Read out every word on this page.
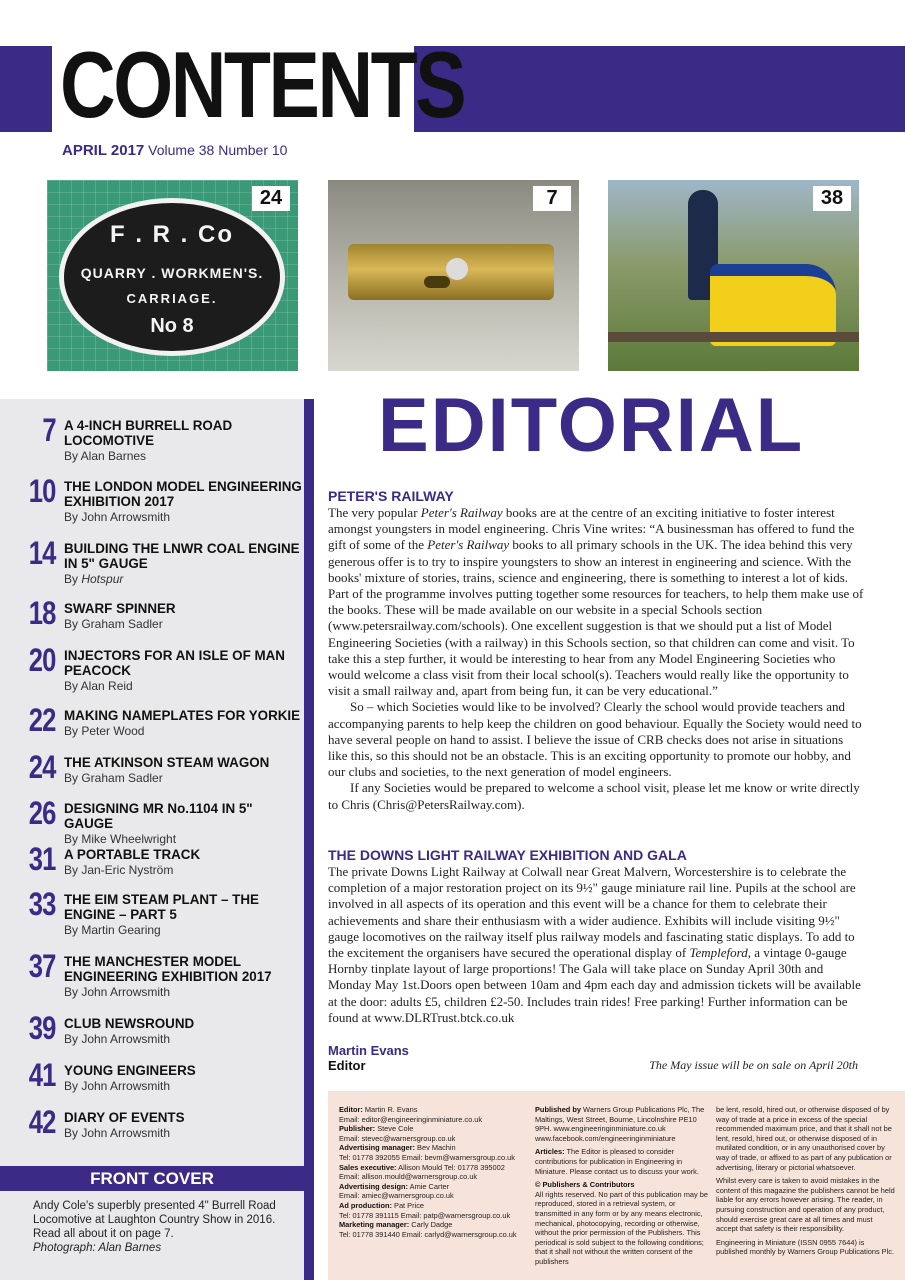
CONTENTS
APRIL 2017 Volume 38 Number 10
F . R . Co
QUARRY . WORKMEN'S.
CARRIAGE.
No 8
24	7	38
7 A 4-INCH BURRELL ROAD LOCOMOTIVE
By Alan Barnes
10 THE LONDON MODEL ENGINEERING EXHIBITION 2017
By John Arrowsmith
14 BUILDING THE LNWR COAL ENGINE IN 5" GAUGE
By Hotspur
18 SWARF SPINNER
By Graham Sadler
20 INJECTORS FOR AN ISLE OF MAN PEACOCK
By Alan Reid
22 MAKING NAMEPLATES FOR YORKIE
By Peter Wood
24 THE ATKINSON STEAM WAGON
By Graham Sadler
26 DESIGNING MR No.1104 IN 5" GAUGE
By Mike Wheelwright
31 A PORTABLE TRACK
By Jan-Eric Nyström
33 THE EIM STEAM PLANT – THE ENGINE – PART 5
By Martin Gearing
37 THE MANCHESTER MODEL ENGINEERING EXHIBITION 2017
By John Arrowsmith
39 CLUB NEWSROUND
By John Arrowsmith
41 YOUNG ENGINEERS
By John Arrowsmith
42 DIARY OF EVENTS
By John Arrowsmith
FRONT COVER
Andy Cole's superbly presented 4" Burrell Road Locomotive at Laughton Country Show in 2016. Read all about it on page 7.
Photograph: Alan Barnes
EDITORIAL
PETER'S RAILWAY

The very popular Peter's Railway books are at the centre of an exciting initiative to foster interest amongst youngsters in model engineering. Chris Vine writes: “A businessman has offered to fund the gift of some of the Peter's Railway books to all primary schools in the UK. The idea behind this very generous offer is to try to inspire youngsters to show an interest in engineering and science. With the books' mixture of stories, trains, science and engineering, there is something to interest a lot of kids. Part of the programme involves putting together some resources for teachers, to help them make use of the books. These will be made available on our website in a special Schools section (www.petersrailway.com/schools). One excellent suggestion is that we should put a list of Model Engineering Societies (with a railway) in this Schools section, so that children can come and visit. To take this a step further, it would be interesting to hear from any Model Engineering Societies who would welcome a class visit from their local school(s). Teachers would really like the opportunity to visit a small railway and, apart from being fun, it can be very educational.”

So – which Societies would like to be involved? Clearly the school would provide teachers and accompanying parents to help keep the children on good behaviour. Equally the Society would need to have several people on hand to assist. I believe the issue of CRB checks does not arise in situations like this, so this should not be an obstacle. This is an exciting opportunity to promote our hobby, and our clubs and societies, to the next generation of model engineers.

If any Societies would be prepared to welcome a school visit, please let me know or write directly to Chris (Chris@PetersRailway.com).

THE DOWNS LIGHT RAILWAY EXHIBITION AND GALA

The private Downs Light Railway at Colwall near Great Malvern, Worcestershire is to celebrate the completion of a major restoration project on its 9½" gauge miniature rail line. Pupils at the school are involved in all aspects of its operation and this event will be a chance for them to celebrate their achievements and share their enthusiasm with a wider audience. Exhibits will include visiting 9½" gauge locomotives on the railway itself plus railway models and fascinating static displays. To add to the excitement the organisers have secured the operational display of Templeford, a vintage 0-gauge Hornby tinplate layout of large proportions! The Gala will take place on Sunday April 30th and Monday May 1st.Doors open between 10am and 4pm each day and admission tickets will be available at the door: adults £5, children £2-50. Includes train rides! Free parking! Further information can be found at www.DLRTrust.btck.co.uk

Martin Evans
Editor	The May issue will be on sale on April 20th
Editor: Martin R. Evans
Email: editor@engineeringinminiature.co.uk
Publisher: Steve Cole
Email: stevec@warnersgroup.co.uk
Advertising manager: Bev Machin
Tel: 01778 392055 Email: bevm@warnersgroup.co.uk
Sales executive: Allison Mould Tel: 01778 395002
Email: allison.mould@warnersgroup.co.uk
Advertising design: Amie Carter
Email: amiec@warnersgroup.co.uk
Ad production: Pat Price
Tel: 01778 391115 Email: patp@warnersgroup.co.uk
Marketing manager: Carly Dadge
Tel: 01778 391440 Email: carlyd@warnersgroup.co.uk
Published by Warners Group Publications Plc, The Maltings, West Street, Bourne, Lincolnshire PE10 9PH. www.engineeringinminiature.co.uk www.facebook.com/engineeringinminiature
Articles: The Editor is pleased to consider contributions for publication in Engineering in Miniature. Please contact us to discuss your work.
© Publishers & Contributors
All rights reserved. No part of this publication may be reproduced, stored in a retrieval system, or transmitted in any form or by any means electronic, mechanical, photocopying, recording or otherwise, without the prior permission of the Publishers. This periodical is sold subject to the following conditions; that it shall not without the written consent of the publishers
be lent, resold, hired out, or otherwise disposed of by way of trade at a price in excess of the special recommended maximum price, and that it shall not be lent, resold, hired out, or otherwise disposed of in mutilated condition, or in any unauthorised cover by way of trade, or affixed to as part of any publication or advertising, literary or pictorial whatsoever.
Whilst every care is taken to avoid mistakes in the content of this magazine the publishers cannot be held liable for any errors however arising. The reader, in pursuing construction and operation of any product, should exercise great care at all times and must accept that safety is their responsibility.
Engineering in Miniature (ISSN 0955 7644) is published monthly by Warners Group Publications Plc.
